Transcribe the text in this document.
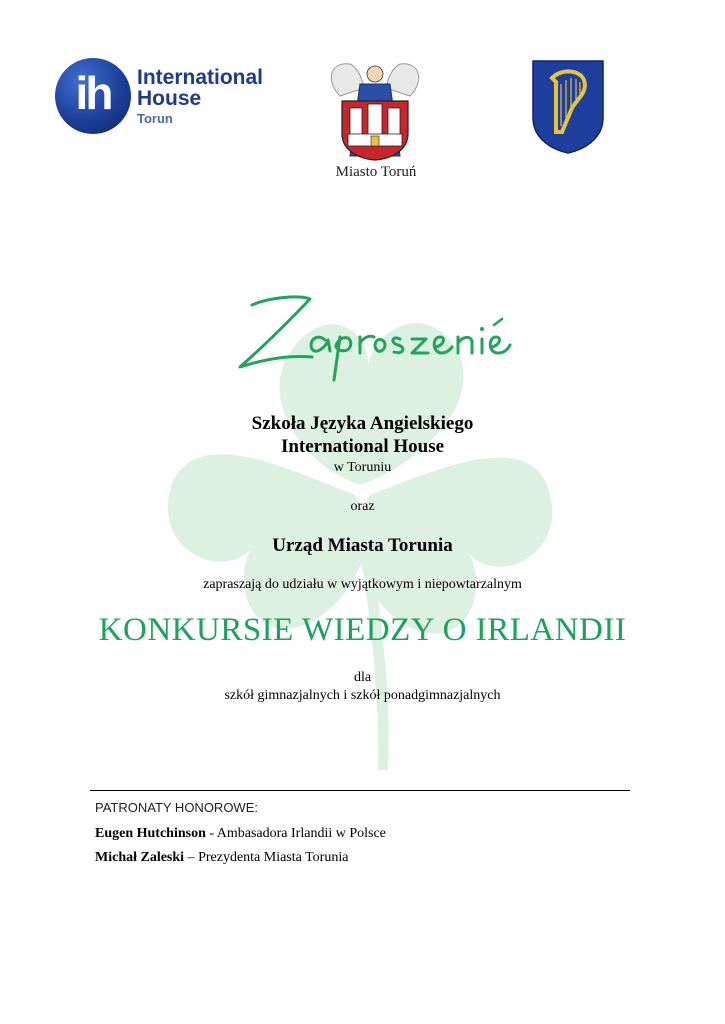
ih	International
House
Torun
Miasto Toruń
Szkoła Języka Angielskiego
International House
w Toruniu
oraz
Urząd Miasta Torunia
zapraszają do udziału w wyjątkowym i niepowtarzalnym
KONKURSIE WIEDZY O IRLANDII
dla
szkół gimnazjalnych i szkół ponadgimnazjalnych
PATRONATY HONOROWE:
Eugen Hutchinson - Ambasadora Irlandii w Polsce
Michał Zaleski – Prezydenta Miasta Torunia
